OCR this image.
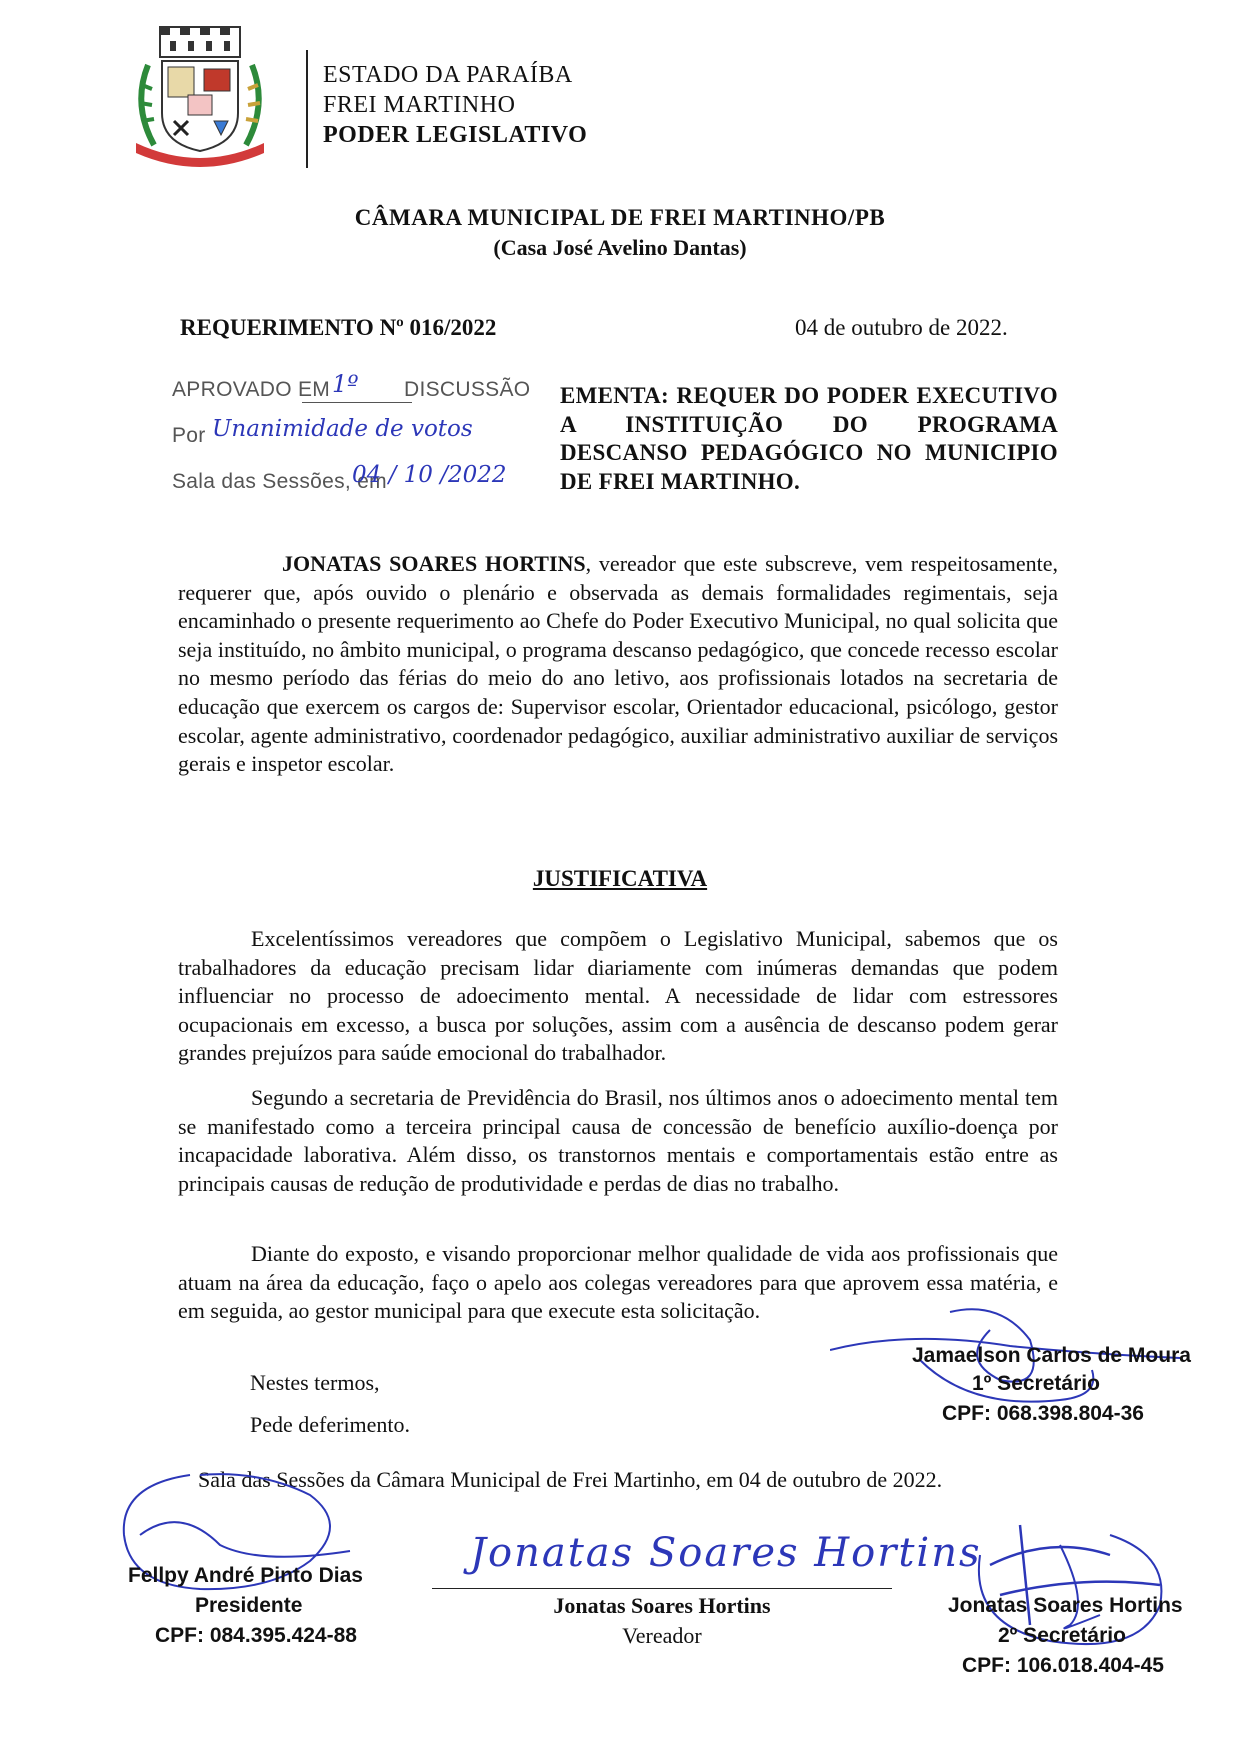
ESTADO DA PARAÍBA
FREI MARTINHO
PODER LEGISLATIVO
CÂMARA MUNICIPAL DE FREI MARTINHO/PB
(Casa José Avelino Dantas)
REQUERIMENTO Nº 016/2022	04 de outubro de 2022.
APROVADO EM 1º DISCUSSÃO
Por Unanimidade de votos
Sala das Sessões, em
04 / 10 /2022
EMENTA: REQUER DO PODER EXECUTIVO A INSTITUIÇÃO DO PROGRAMA DESCANSO PEDAGÓGICO NO MUNICIPIO DE FREI MARTINHO.
JONATAS SOARES HORTINS, vereador que este subscreve, vem respeitosamente, requerer que, após ouvido o plenário e observada as demais formalidades regimentais, seja encaminhado o presente requerimento ao Chefe do Poder Executivo Municipal, no qual solicita que seja instituído, no âmbito municipal, o programa descanso pedagógico, que concede recesso escolar no mesmo período das férias do meio do ano letivo, aos profissionais lotados na secretaria de educação que exercem os cargos de: Supervisor escolar, Orientador educacional, psicólogo, gestor escolar, agente administrativo, coordenador pedagógico, auxiliar administrativo auxiliar de serviços gerais e inspetor escolar.
JUSTIFICATIVA
Excelentíssimos vereadores que compõem o Legislativo Municipal, sabemos que os trabalhadores da educação precisam lidar diariamente com inúmeras demandas que podem influenciar no processo de adoecimento mental. A necessidade de lidar com estressores ocupacionais em excesso, a busca por soluções, assim com a ausência de descanso podem gerar grandes prejuízos para saúde emocional do trabalhador.
Segundo a secretaria de Previdência do Brasil, nos últimos anos o adoecimento mental tem se manifestado como a terceira principal causa de concessão de benefício auxílio-doença por incapacidade laborativa. Além disso, os transtornos mentais e comportamentais estão entre as principais causas de redução de produtividade e perdas de dias no trabalho.
Diante do exposto, e visando proporcionar melhor qualidade de vida aos profissionais que atuam na área da educação, faço o apelo aos colegas vereadores para que aprovem essa matéria, e em seguida, ao gestor municipal para que execute esta solicitação.
Nestes termos,
Pede deferimento.
Sala das Sessões da Câmara Municipal de Frei Martinho, em 04 de outubro de 2022.
Jamaelson Carlos de Moura
1º Secretário
CPF: 068.398.804-36
Fellpy André Pinto Dias
Presidente
CPF: 084.395.424-88
Jonatas Soares Hortins
Jonatas Soares Hortins
Vereador
Jonatas Soares Hortins
2º Secretário
CPF: 106.018.404-45
